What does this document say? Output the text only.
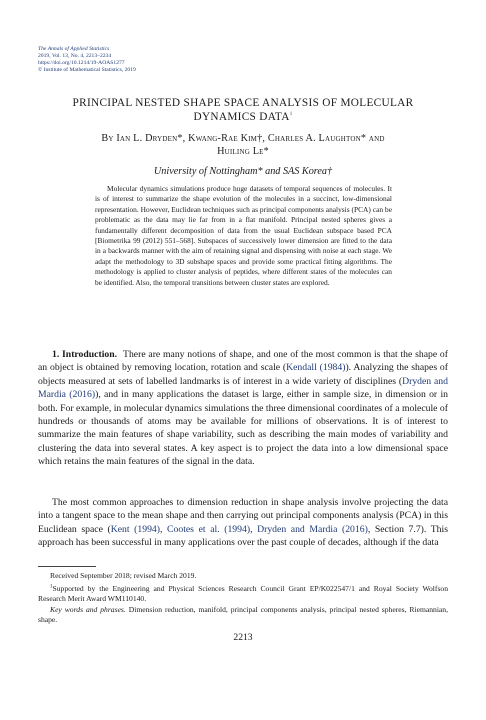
The Annals of Applied Statistics
2019, Vol. 13, No. 4, 2213–2234
https://doi.org/10.1214/19-AOAS1277
© Institute of Mathematical Statistics, 2019
PRINCIPAL NESTED SHAPE SPACE ANALYSIS OF MOLECULAR
DYNAMICS DATA$^1$
By Ian L. Dryden*, Kwang-Rae Kim†, Charles A. Laughton* and
Huiling Le*
University of Nottingham* and SAS Korea†
Molecular dynamics simulations produce huge datasets of temporal sequences of molecules. It is of interest to summarize the shape evolution of the molecules in a succinct, low-dimensional representation. However, Euclidean techniques such as principal components analysis (PCA) can be problematic as the data may lie far from in a flat manifold. Principal nested spheres gives a fundamentally different decomposition of data from the usual Euclidean subspace based PCA [Biometrika 99 (2012) 551–568]. Subspaces of successively lower dimension are fitted to the data in a backwards manner with the aim of retaining signal and dispensing with noise at each stage. We adapt the methodology to 3D subshape spaces and provide some practical fitting algorithms. The methodology is applied to cluster analysis of peptides, where different states of the molecules can be identified. Also, the temporal transitions between cluster states are explored.
1. Introduction. There are many notions of shape, and one of the most common is that the shape of an object is obtained by removing location, rotation and scale (Kendall (1984)). Analyzing the shapes of objects measured at sets of labelled landmarks is of interest in a wide variety of disciplines (Dryden and Mardia (2016)), and in many applications the dataset is large, either in sample size, in dimension or in both. For example, in molecular dynamics simulations the three dimensional coordinates of a molecule of hundreds or thousands of atoms may be available for millions of observations. It is of interest to summarize the main features of shape variability, such as describing the main modes of variability and clustering the data into several states. A key aspect is to project the data into a low dimensional space which retains the main features of the signal in the data.
The most common approaches to dimension reduction in shape analysis involve projecting the data into a tangent space to the mean shape and then carrying out principal components analysis (PCA) in this Euclidean space (Kent (1994), Cootes et al. (1994), Dryden and Mardia (2016), Section 7.7). This approach has been successful in many applications over the past couple of decades, although if the data
Received September 2018; revised March 2019.
$^1$Supported by the Engineering and Physical Sciences Research Council Grant EP/K022547/1 and Royal Society Wolfson Research Merit Award WM110140.
Key words and phrases. Dimension reduction, manifold, principal components analysis, principal nested spheres, Riemannian, shape.
2213
